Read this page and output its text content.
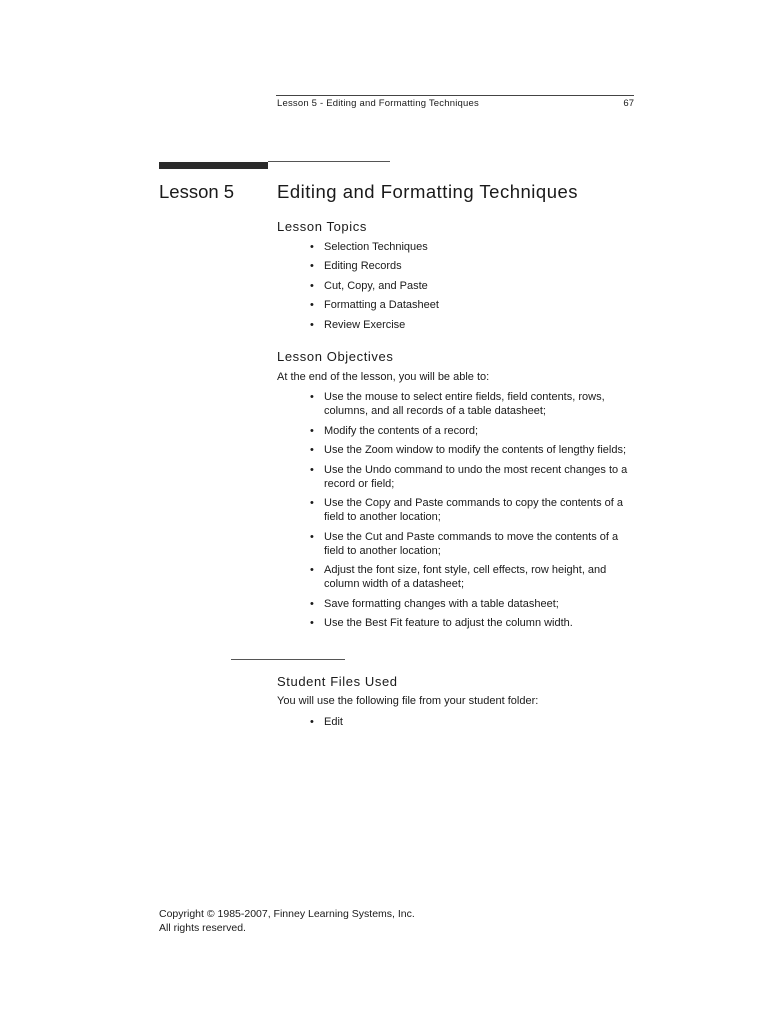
Lesson 5 - Editing and Formatting Techniques	67
Lesson 5 Editing and Formatting Techniques
Lesson Topics
• Selection Techniques
• Editing Records
• Cut, Copy, and Paste
• Formatting a Datasheet
• Review Exercise
Lesson Objectives
At the end of the lesson, you will be able to:
• Use the mouse to select entire fields, field contents, rows, columns, and all records of a table datasheet;
• Modify the contents of a record;
• Use the Zoom window to modify the contents of lengthy fields;
• Use the Undo command to undo the most recent changes to a record or field;
• Use the Copy and Paste commands to copy the contents of a field to another location;
• Use the Cut and Paste commands to move the contents of a field to another location;
• Adjust the font size, font style, cell effects, row height, and column width of a datasheet;
• Save formatting changes with a table datasheet;
• Use the Best Fit feature to adjust the column width.
Student Files Used
You will use the following file from your student folder:
• Edit
Copyright © 1985-2007, Finney Learning Systems, Inc.
All rights reserved.
